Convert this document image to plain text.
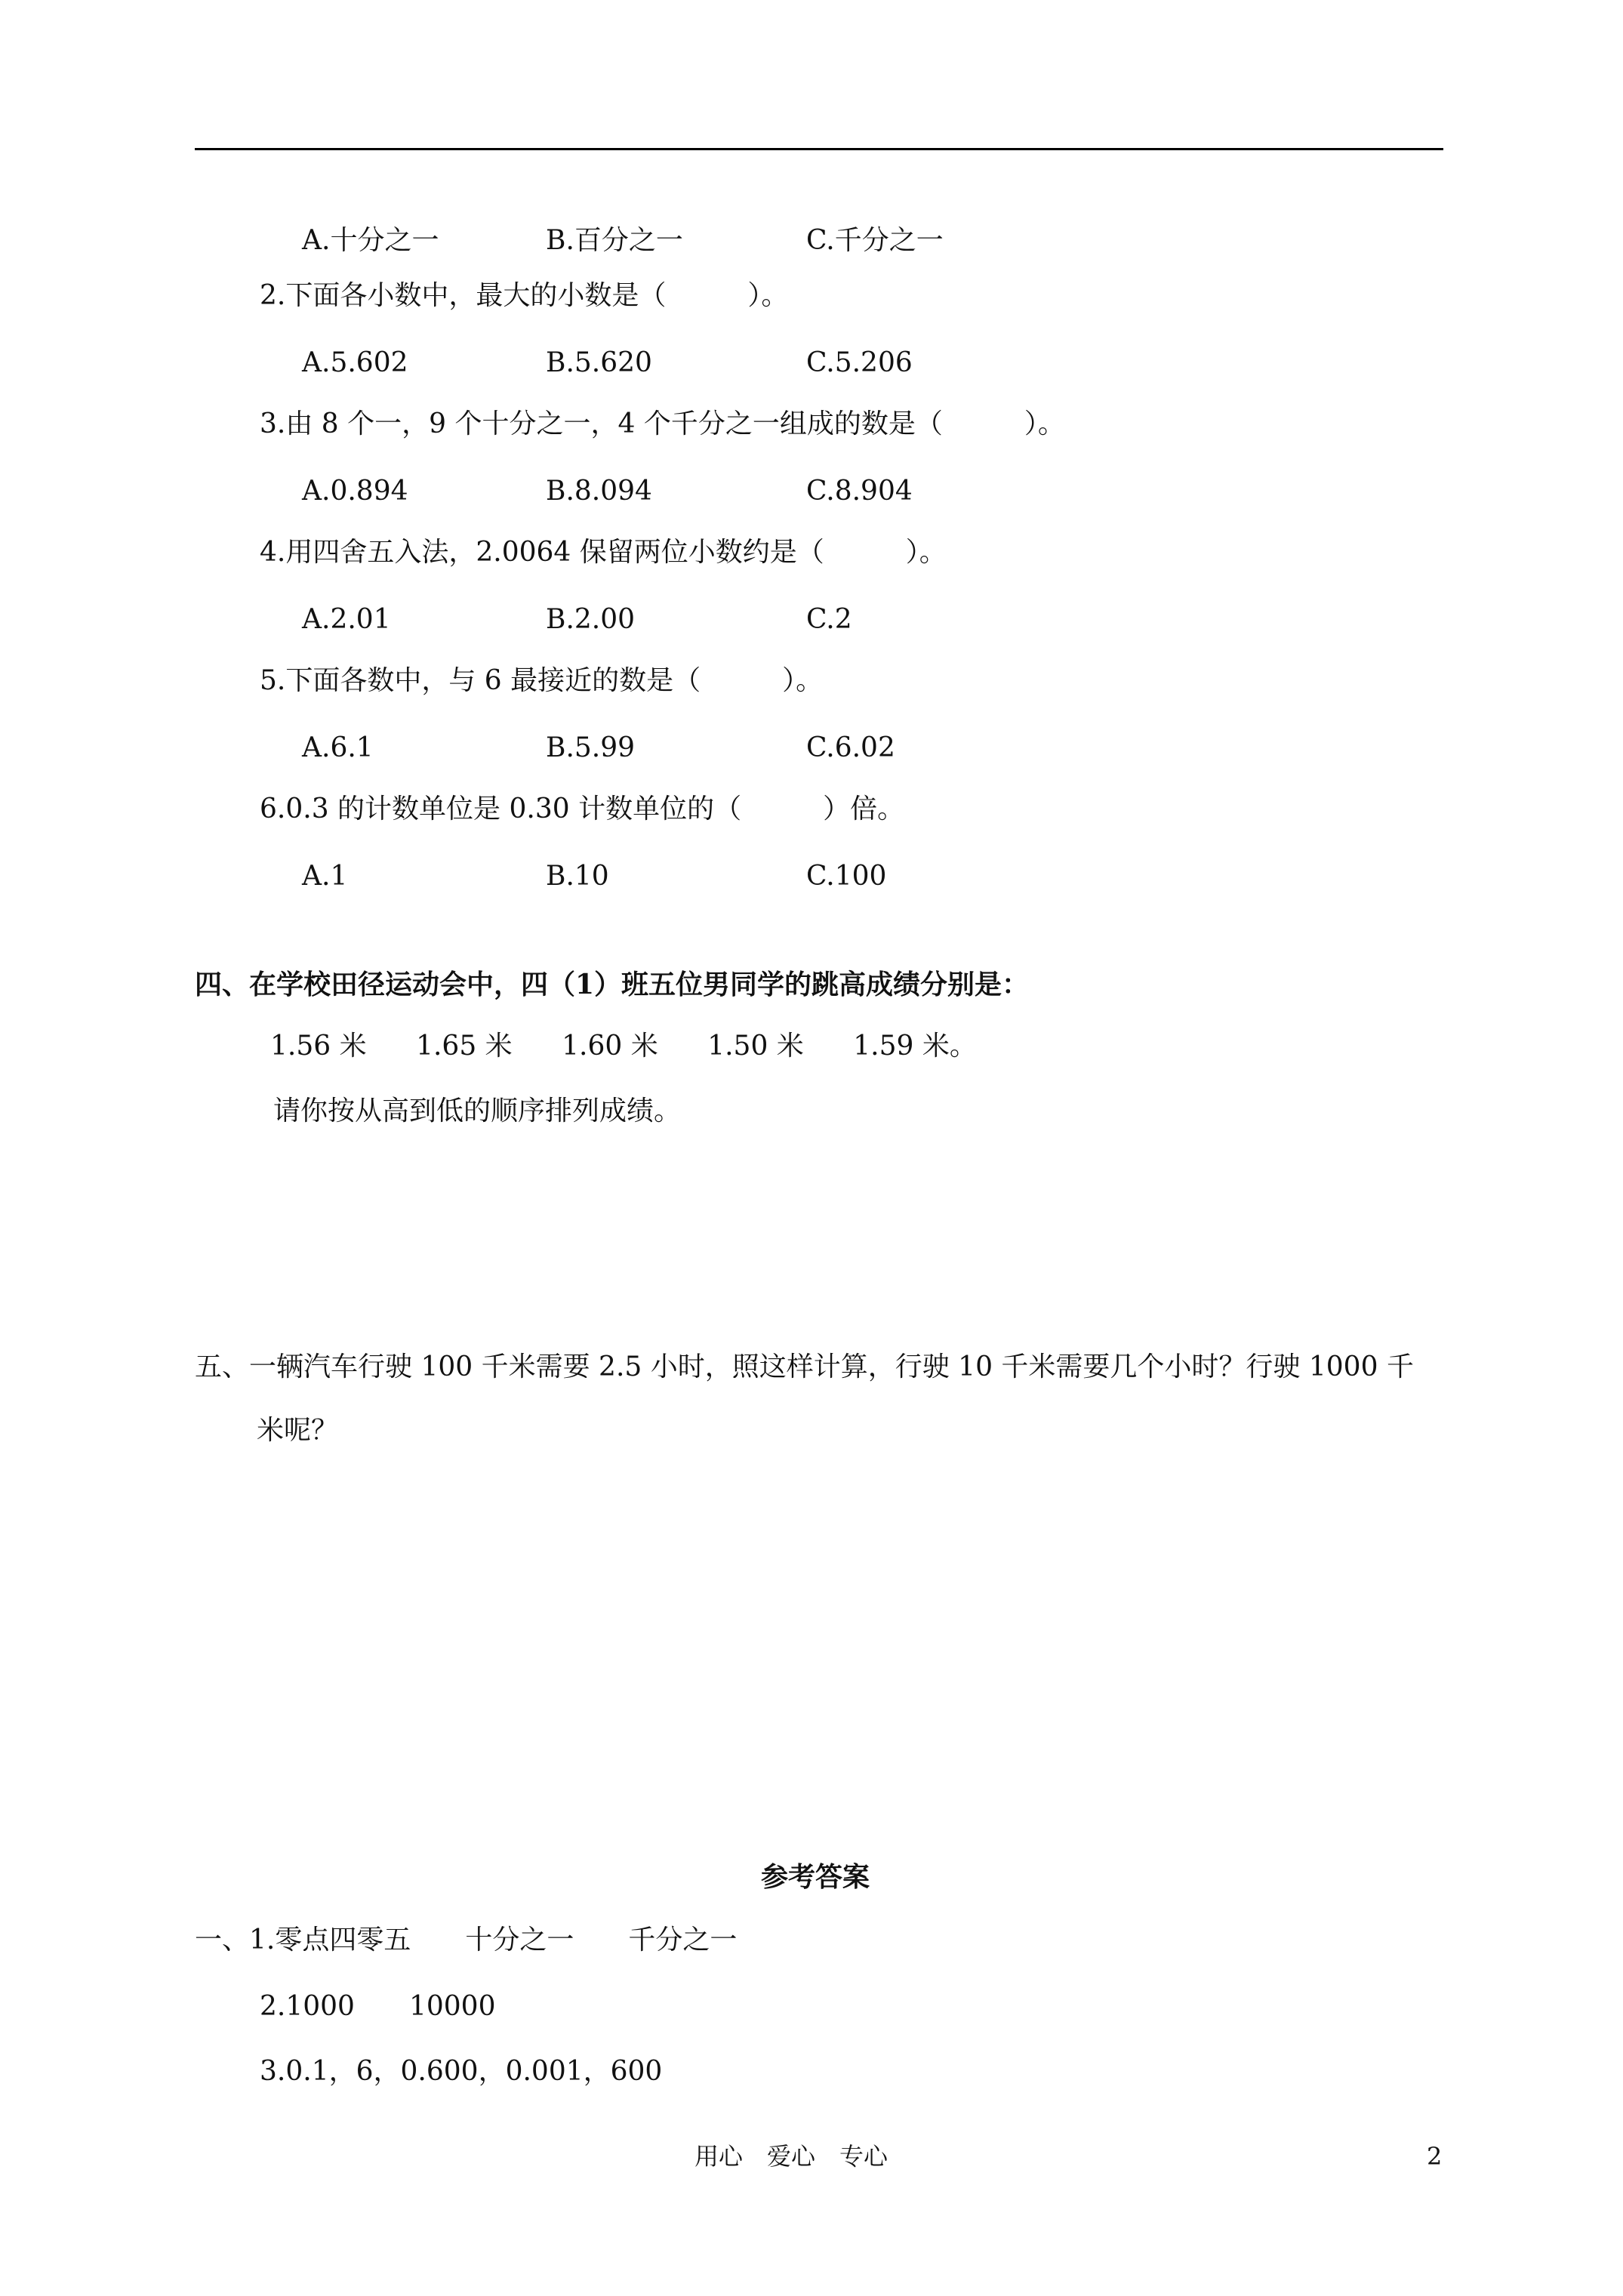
A.十分之一	B.百分之一	C.千分之一
2.下面各小数中，最大的小数是（　　　）。
A.5.602	B.5.620	C.5.206
3.由 8 个一，9 个十分之一，4 个千分之一组成的数是（　　　）。
A.0.894	B.8.094	C.8.904
4.用四舍五入法，2.0064 保留两位小数约是（　　　）。
A.2.01	B.2.00	C.2
5.下面各数中，与 6 最接近的数是（　　　）。
A.6.1	B.5.99	C.6.02
6.0.3 的计数单位是 0.30 计数单位的（　　　）倍。
A.1	B.10	C.100
四、在学校田径运动会中，四（1）班五位男同学的跳高成绩分别是：
1.56 米 1.65 米 1.60 米 1.50 米 1.59 米。
请你按从高到低的顺序排列成绩。
五、一辆汽车行驶 100 千米需要 2.5 小时，照这样计算，行驶 10 千米需要几个小时？行驶 1000 千
米呢？
参考答案
一、1.零点四零五　　十分之一　　千分之一
2.1000　　10000
3.0.1，6，0.600，0.001，600
用心　爱心　专心	2
